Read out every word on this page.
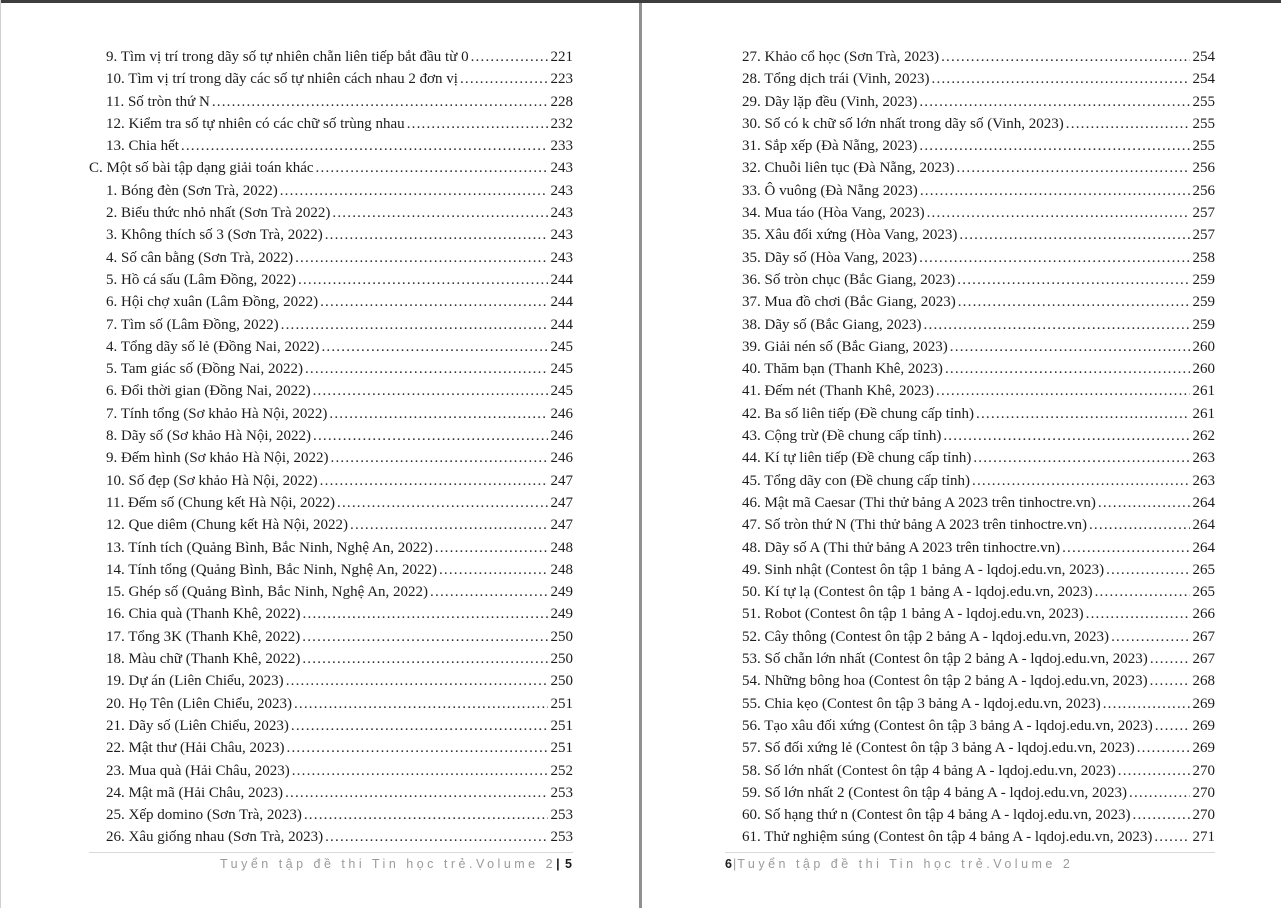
9. Tìm vị trí trong dãy số tự nhiên chẵn liên tiếp bắt đầu từ 0 .....	221
10. Tìm vị trí trong dãy các số tự nhiên cách nhau 2 đơn vị .....	223
11. Số tròn thứ N .....	228
12. Kiểm tra số tự nhiên có các chữ số trùng nhau .....	232
13. Chia hết .....	233
C. Một số bài tập dạng giải toán khác .....	243
1. Bóng đèn (Sơn Trà, 2022) .....	243
2. Biểu thức nhỏ nhất (Sơn Trà 2022) .....	243
3. Không thích số 3 (Sơn Trà, 2022) .....	243
4. Số cân bằng (Sơn Trà, 2022) .....	243
5. Hồ cá sấu (Lâm Đồng, 2022) .....	244
6. Hội chợ xuân (Lâm Đồng, 2022) .....	244
7. Tìm số (Lâm Đồng, 2022) .....	244
4. Tổng dãy số lẻ (Đồng Nai, 2022) .....	245
5. Tam giác số (Đồng Nai, 2022) .....	245
6. Đổi thời gian (Đồng Nai, 2022) .....	245
7. Tính tổng (Sơ khảo Hà Nội, 2022) .....	246
8. Dãy số (Sơ khảo Hà Nội, 2022) .....	246
9. Đếm hình (Sơ khảo Hà Nội, 2022) .....	246
10. Số đẹp (Sơ khảo Hà Nội, 2022) .....	247
11. Đếm số (Chung kết Hà Nội, 2022) .....	247
12. Que diêm (Chung kết Hà Nội, 2022) .....	247
13. Tính tích (Quảng Bình, Bắc Ninh, Nghệ An, 2022) .....	248
14. Tính tổng (Quảng Bình, Bắc Ninh, Nghệ An, 2022) .....	248
15. Ghép số (Quảng Bình, Bắc Ninh, Nghệ An, 2022) .....	249
16. Chia quà (Thanh Khê, 2022) .....	249
17. Tổng 3K (Thanh Khê, 2022) .....	250
18. Màu chữ (Thanh Khê, 2022) .....	250
19. Dự án (Liên Chiểu, 2023) .....	250
20. Họ Tên (Liên Chiểu, 2023) .....	251
21. Dãy số (Liên Chiểu, 2023) .....	251
22. Mật thư (Hải Châu, 2023) .....	251
23. Mua quà (Hải Châu, 2023) .....	252
24. Mật mã (Hải Châu, 2023) .....	253
25. Xếp domino (Sơn Trà, 2023) .....	253
26. Xâu giống nhau (Sơn Trà, 2023) .....	253
Tuyển tập đề thi Tin học trẻ.Volume 2| 5
27. Khảo cổ học (Sơn Trà, 2023) .....	254
28. Tổng dịch trái (Vinh, 2023) .....	254
29. Dãy lặp đều (Vinh, 2023) .....	255
30. Số có k chữ số lớn nhất trong dãy số (Vinh, 2023) .....	255
31. Sắp xếp (Đà Nẵng, 2023) .....	255
32. Chuỗi liên tục (Đà Nẵng, 2023) .....	256
33. Ô vuông (Đà Nẵng 2023) .....	256
34. Mua táo (Hòa Vang, 2023) .....	257
35. Xâu đối xứng (Hòa Vang, 2023) .....	257
35. Dãy số (Hòa Vang, 2023) .....	258
36. Số tròn chục (Bắc Giang, 2023) .....	259
37. Mua đồ chơi (Bắc Giang, 2023) .....	259
38. Dãy số (Bắc Giang, 2023) .....	259
39. Giải nén số (Bắc Giang, 2023) .....	260
40. Thăm bạn (Thanh Khê, 2023) .....	260
41. Đếm nét (Thanh Khê, 2023) .....	261
42. Ba số liên tiếp (Đề chung cấp tỉnh) .....	261
43. Cộng trừ (Đề chung cấp tỉnh) .....	262
44. Kí tự liên tiếp (Đề chung cấp tỉnh) .....	263
45. Tổng dãy con (Đề chung cấp tỉnh) .....	263
46. Mật mã Caesar (Thi thử bảng A 2023 trên tinhoctre.vn) .....	264
47. Số tròn thứ N (Thi thử bảng A 2023 trên tinhoctre.vn) .....	264
48. Dãy số A (Thi thử bảng A 2023 trên tinhoctre.vn) .....	264
49. Sinh nhật (Contest ôn tập 1 bảng A - lqdoj.edu.vn, 2023) .....	265
50. Kí tự lạ (Contest ôn tập 1 bảng A - lqdoj.edu.vn, 2023) .....	265
51. Robot (Contest ôn tập 1 bảng A - lqdoj.edu.vn, 2023) .....	266
52. Cây thông (Contest ôn tập 2 bảng A - lqdoj.edu.vn, 2023) .....	267
53. Số chẵn lớn nhất (Contest ôn tập 2 bảng A - lqdoj.edu.vn, 2023) .....	267
54. Những bông hoa (Contest ôn tập 2 bảng A - lqdoj.edu.vn, 2023) .....	268
55. Chia kẹo (Contest ôn tập 3 bảng A - lqdoj.edu.vn, 2023) .....	269
56. Tạo xâu đối xứng (Contest ôn tập 3 bảng A - lqdoj.edu.vn, 2023) .....	269
57. Số đối xứng lẻ (Contest ôn tập 3 bảng A - lqdoj.edu.vn, 2023) .....	269
58. Số lớn nhất (Contest ôn tập 4 bảng A - lqdoj.edu.vn, 2023) .....	270
59. Số lớn nhất 2 (Contest ôn tập 4 bảng A - lqdoj.edu.vn, 2023) .....	270
60. Số hạng thứ n (Contest ôn tập 4 bảng A - lqdoj.edu.vn, 2023) .....	270
61. Thử nghiệm súng (Contest ôn tập 4 bảng A - lqdoj.edu.vn, 2023) .....	271
6|Tuyển tập đề thi Tin học trẻ.Volume 2
